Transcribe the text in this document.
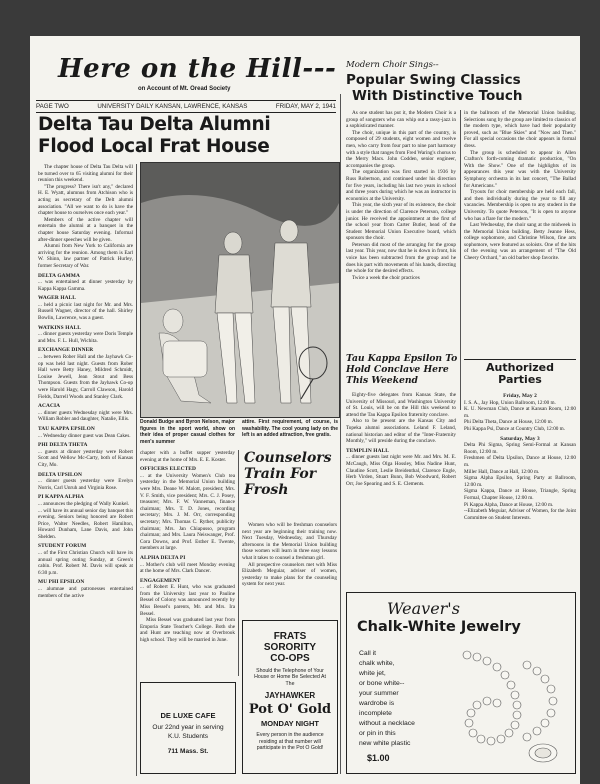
Here on the Hill---
on Account of Mt. Oread Society
PAGE TWO	UNIVERSITY DAILY KANSAN, LAWRENCE, KANSAS	FRIDAY, MAY 2, 1941
Delta Tau Delta Alumni
Flood Local Frat House

The chapter house of Delta Tau Delta will be turned over to 65 visiting alumni for their reunion this weekend.

"The progress? There isn't any," declared H. E. Wyatt, alumnus from Atchison who is acting as secretary of the Delt alumni association. "All we want to do is have the chapter house to ourselves once each year."

Members of the active chapter will entertain the alumni at a banquet in the chapter house Saturday evening. Informal after-dinner speeches will be given.

Alumni from New York to California are arriving for the reunion. Among them is Earl W. Shinn, law partner of Patrick Hurley, former Secretary of War.

DELTA GAMMA

... was entertained at dinner yesterday by Kappa Kappa Gamma.

WAGER HALL

... held a picnic last night for Mr. and Mrs. Russell Wagner, director of the hall. Shirley Bowlin, Lawrence, was a guest.

WATKINS HALL

... dinner guests yesterday were Doris Temple and Mrs. F. L. Hull, Wichita.

EXCHANGE DINNER

... between Rober Hall and the Jayhawk Co-op was held last night. Guests from Rober Hall were Betty Haney, Mildred Schmidt, Louise Jewell, Jean Stout and Bess Thompson. Guests from the Jayhawk Co-op were Harold Hagy, Carroll Clawson, Harold Fields, Darrell Woods and Stanley Clark.

ACACIA

... dinner guests Wednesday night were Mrs. William Robler and daughter, Natalie, Ellis.

TAU KAPPA EPSILON

... Wednesday dinner guest was Dean Cakes.

PHI DELTA THETA

... guests at dinner yesterday were Robert Scott and Wellow Mc-Carty, both of Kansas City, Mo.

DELTA UPSILON

... dinner guests yesterday were Evelyn Norris, Carl Unruh and Virginia Rose.

PI KAPPA ALPHA

... announces the pledging of Wally Kunkel.

... will have its annual senior day banquet this evening. Seniors being honored are Robert Price, Walter Needles, Robert Hamilton, Howard Dunham, Lane Davis, and John Shelden.

STUDENT FORUM

... of the First Christian Church will have its annual spring outing Sunday, at Green's cabin. Prof. Robert M. Davis will speak at 6:30 p.m.

MU PHI EPSILON

... alumnae and patronesses entertained members of the active

Donald Budge and Byron Nelson, major figures in the sport world, show on their idea of proper casual clothes for men's summer
attire. First requirement, of course, is washability. The cool young lady on the left is an added attraction, free gratis.

chapter with a buffet supper yesterday evening at the home of Mrs. E. E. Koster.

OFFICERS ELECTED

... at the University Women's Club tea yesterday in the Memorial Union building were Mrs. Deane W. Malott, president; Mrs. V. F. Smith, vice president; Mrs. C. J. Posey, treasurer; Mrs. F. W. Vanneman, finance chairman; Mrs. T. D. Jones, recording secretary; Mrs. J. M. Orr, corresponding secretary; Mrs. Thomas C. Ryther, publicity chairman; Mrs. Jan Chiapusso, program chairman; and Mrs. Laura Neiswanger, Prof. Cora Downs, and Prof. Esther E. Twente, members at large.

ALPHA DELTA PI

... Mother's club will meet Monday evening at the home of Mrs. Clark Dancer.

ENGAGEMENT

... of Robert E. Hunt, who was graduated from the University last year to Pauline Bessel of Colony was announced recently by Miss Bessel's parents, Mr. and Mrs. Ira Bessel.

Miss Bessel was graduated last year from Emporia State Teacher's College. Both she and Hunt are teaching now at Overbrook high school. They will be married in June.

Counselors Train For Frosh

Women who will be freshman counselors next year are beginning their training now. Next Tuesday, Wednesday, and Thursday afternoons in the Memorial Union building those women will learn in three easy lessons what it takes to counsel a freshman girl.

All prospective counselors met with Miss Elizabeth Meguiar, adviser of women, yesterday to make plans for the counseling system for next year.

Modern Choir Sings--
Popular Swing Classics
With Distinctive Touch

As one student has put it, the Modern Choir is a group of songsters who can whip out a rassy-jazz in a sophisticated manner.

The choir, unique in this part of the country, is composed of 29 students, eight women and twelve men, who carry from four part to nine part harmony with a style that ranges from Fred Waring's chorus to the Merry Macs. John Codden, senior engineer, accompanies the group.

The organization was first started in 1936 by Russ Robertson, and continued under his direction for five years, including his last two years in school and three years during which he was an instructor in economics at the University.

This year, the sixth year of its existence, the choir is under the direction of Clarence Peterson, college junior. He received the appointment at the first of the school year from Carter Butler, head of the Student Memorial Union Executive board, which sponsors the choir.

Peterson did most of the arranging for the group last year. This year, now that he is down in front, his voice has been subtracted from the group and he does his part with movements of his hands, directing the whole for the desired effects.

Twice a week the choir practices

in the ballroom of the Memorial Union building. Selections sung by the group are limited to classics of the modern type, which have had their popularity proved, such as "Blue Skies" and "Now and Then." For all special occasions the choir appears in formal dress.

The group is scheduled to appear in Allen Crafton's forth-coming dramatic production, "On With the Show." One of the highlights of its appearances this year was with the University Symphony orchestra in its last concert, "The Ballad for Americans."

Tryouts for choir membership are held each fall, and then individually during the year to fill any vacancies. Membership is open to any student in the University. To quote Peterson, "It is open to anyone who has a flare for the modern."

Last Wednesday, the choir sang at the midweek in the Memorial Union building. Betty Jeanne Hess, college sophomore, and Christine Wilson, fine arts sophomore, were featured as soloists. One of the hits of the evening was an arrangement of "The Old Cheery Orchard," an old barber shop favorite.

Tau Kappa Epsilon To Hold Conclave Here This Weekend

Eighty-five delegates from Kansas State, the University of Missouri, and Washington University of St. Louis, will be on the Hill this weekend to attend the Tau Kappa Epsilon fraternity conclave.

Also to be present are the Kansas City and Topeka alumni associations. Leland F. Leland, national historian and editor of the "Inter-Fraternity Monthly," will preside during the conclave.

TEMPLIN HALL

... dinner guests last night were Mr. and Mrs. M. E. McCaugh, Miss Olga Hossley, Miss Nadine Hunt, Claudine Scott, Leslie Breidenthal, Clarence Engle, Herb Virden, Stuart Bunn, Bob Woodward, Robert Orr, Joe Spearing and S. E. Clements.

Authorized
Parties
Friday, May 2

I. S. A., Jay Hop, Union Ballroom, 12:00 m.

K. U. Newman Club, Dance at Kansan Room, 12:00 m.

Phi Delta Theta, Dance at House, 12:00 m.

Phi Kappa Psi, Dance at Country Club, 12:00 m.

Saturday, May 3

Delta Phi Sigma, Spring Semi-Formal at Kansan Room, 12:00 m.

Freshmen of Delta Upsilon, Dance at House, 12:00 m.

Miller Hall, Dance at Hall, 12:00 m.

Sigma Alpha Epsilon, Spring Party at Ballroom, 12:00 m.

Sigma Kappa, Dance at House, Triangle, Spring Formal, Chapter House, 12:00 m.

Pi Kappa Alpha, Dance at House, 12:00 m.

--Elizabeth Meguiar, Adviser of Women, for the Joint Committee on Student Interests.

DE LUXE CAFE
Our 22nd year in serving
K.U. Students
711 Mass. St.
FRATS
SORORITY
CO-OPS
Should the Telephone of Your House or Home Be Selected At The
JAYHAWKER
Pot O' Gold
MONDAY NIGHT
Every person in the audience residing at that number will participate in the Pot O Gold!
Weaver's
Chalk-White Jewelry
Call it
chalk white,
white jet,
or bone white--
your summer
wardrobe is
incomplete
without a necklace
or pin in this
new white plastic
$1.00
